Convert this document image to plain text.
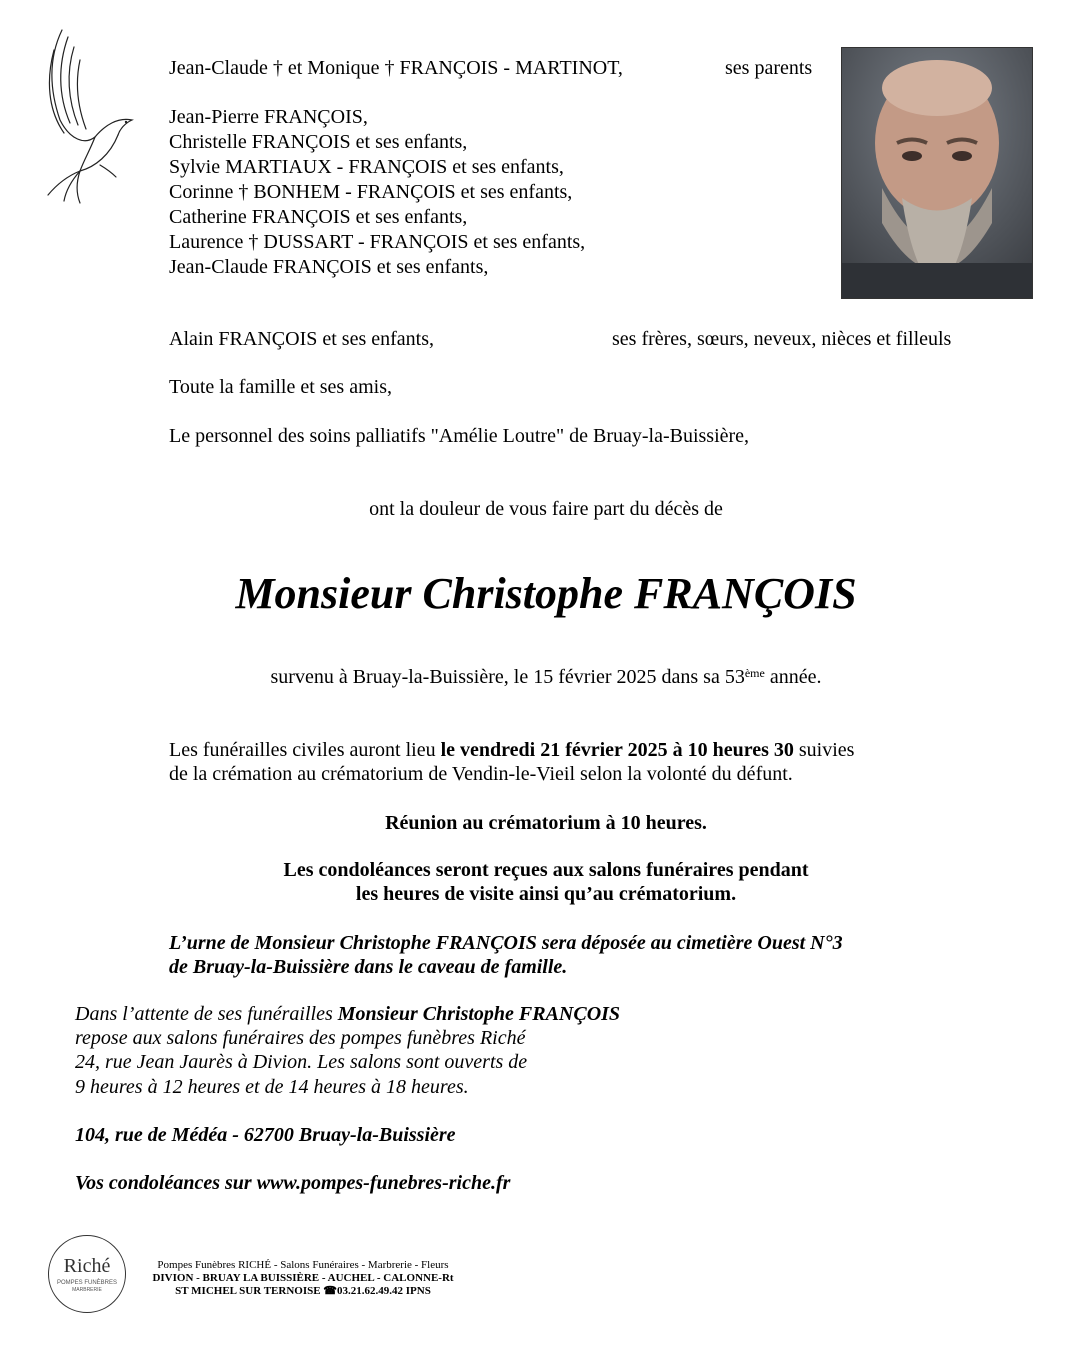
Jean-Claude † et Monique † FRANÇOIS - MARTINOT,	ses parents
Jean-Pierre FRANÇOIS,
Christelle FRANÇOIS et ses enfants,
Sylvie MARTIAUX - FRANÇOIS et ses enfants,
Corinne † BONHEM - FRANÇOIS et ses enfants,
Catherine FRANÇOIS et ses enfants,
Laurence † DUSSART - FRANÇOIS et ses enfants,
Jean-Claude FRANÇOIS et ses enfants,
Alain FRANÇOIS et ses enfants,	ses frères, sœurs, neveux, nièces et filleuls
Toute la famille et ses amis,
Le personnel des soins palliatifs "Amélie Loutre" de Bruay-la-Buissière,
ont la douleur de vous faire part du décès de
Monsieur Christophe FRANÇOIS
survenu à Bruay-la-Buissière, le 15 février 2025 dans sa 53ème année.
Les funérailles civiles auront lieu le vendredi 21 février 2025 à 10 heures 30 suivies
de la crémation au crématorium de Vendin-le-Vieil selon la volonté du défunt.
Réunion au crématorium à 10 heures.
Les condoléances seront reçues aux salons funéraires pendant
les heures de visite ainsi qu’au crématorium.
L’urne de Monsieur Christophe FRANÇOIS sera déposée au cimetière Ouest N°3
de Bruay-la-Buissière dans le caveau de famille.
Dans l’attente de ses funérailles Monsieur Christophe FRANÇOIS
repose aux salons funéraires des pompes funèbres Riché
24, rue Jean Jaurès à Divion. Les salons sont ouverts de
9 heures à 12 heures et de 14 heures à 18 heures.
104, rue de Médéa - 62700 Bruay-la-Buissière
Vos condoléances sur www.pompes-funebres-riche.fr
Riché
POMPES FUNÈBRES
MARBRERIE
Pompes Funèbres RICHÉ - Salons Funéraires - Marbrerie - Fleurs
DIVION - BRUAY LA BUISSIÈRE - AUCHEL - CALONNE-Rt
ST MICHEL SUR TERNOISE ☎03.21.62.49.42 IPNS
